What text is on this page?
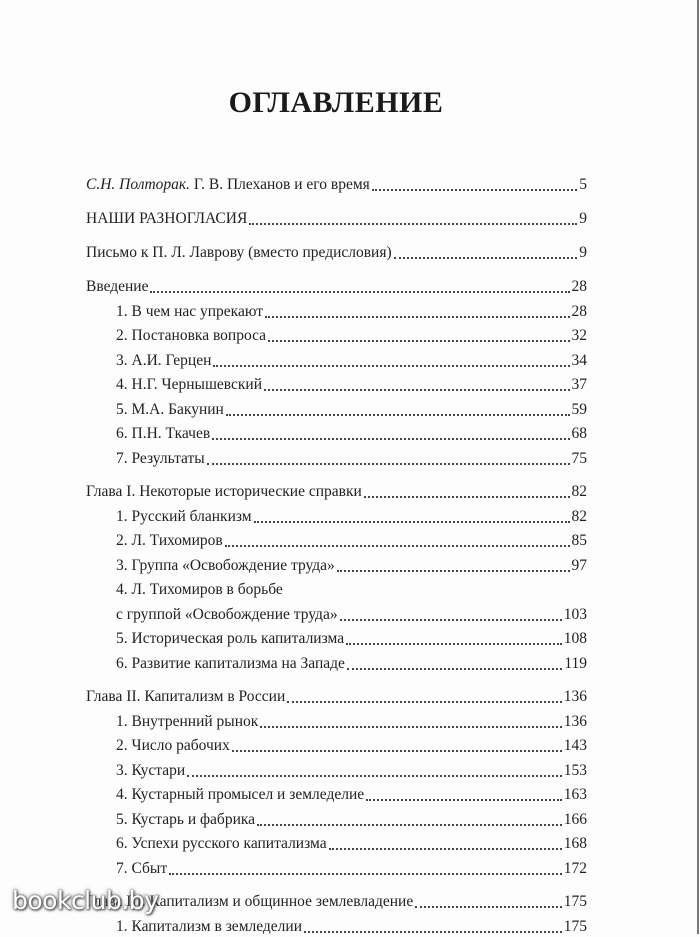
ОГЛАВЛЕНИЕ
С.Н. Полторак. Г. В. Плеханов и его время	5
НАШИ РАЗНОГЛАСИЯ	9
Письмо к П. Л. Лаврову (вместо предисловия)	9
Введение	28
1. В чем нас упрекают	28
2. Постановка вопроса	32
3. А.И. Герцен	34
4. Н.Г. Чернышевский	37
5. М.А. Бакунин	59
6. П.Н. Ткачев	68
7. Результаты	75
Глава I. Некоторые исторические справки	82
1. Русский бланкизм	82
2. Л. Тихомиров	85
3. Группа «Освобождение труда»	97
4. Л. Тихомиров в борьбе
с группой «Освобождение труда»	103
5. Историческая роль капитализма	108
6. Развитие капитализма на Западе	119
Глава II. Капитализм в России	136
1. Внутренний рынок	136
2. Число рабочих	143
3. Кустари	153
4. Кустарный промысел и земледелие	163
5. Кустарь и фабрика	166
6. Успехи русского капитализма	168
7. Сбыт	172
Глава III. Капитализм и общинное землевладение	175
1. Капитализм в земледелии	175
bookclub.by
